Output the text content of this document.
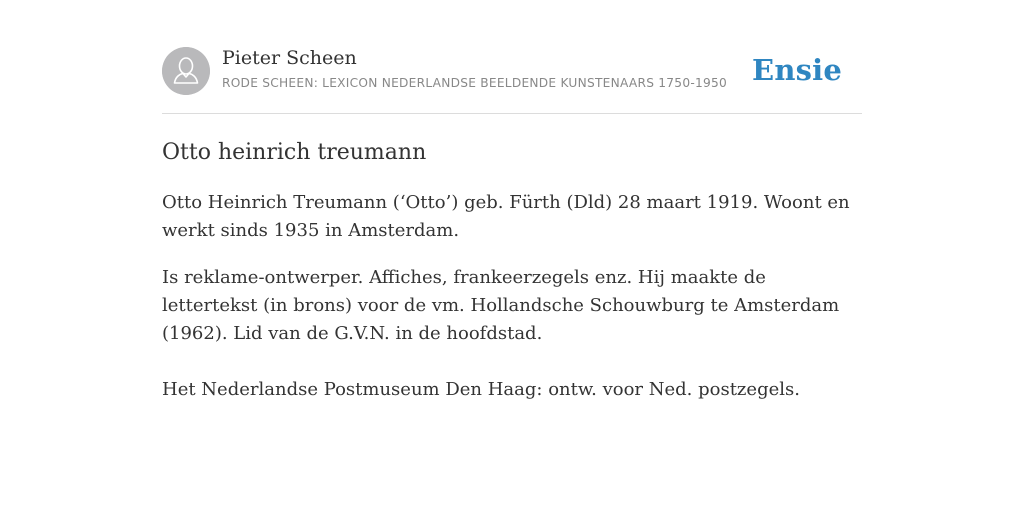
Pieter Scheen
RODE SCHEEN: LEXICON NEDERLANDSE BEELDENDE KUNSTENAARS 1750-1950 Ensie
Otto heinrich treumann

Otto Heinrich Treumann (‘Otto’) geb. Fürth (Dld) 28 maart 1919. Woont en werkt sinds 1935 in Amsterdam.

Is reklame-ontwerper. Affiches, frankeerzegels enz. Hij maakte de lettertekst (in brons) voor de vm. Hollandsche Schouwburg te Amsterdam (1962). Lid van de G.V.N. in de hoofdstad.

Het Nederlandse Postmuseum Den Haag: ontw. voor Ned. postzegels.
